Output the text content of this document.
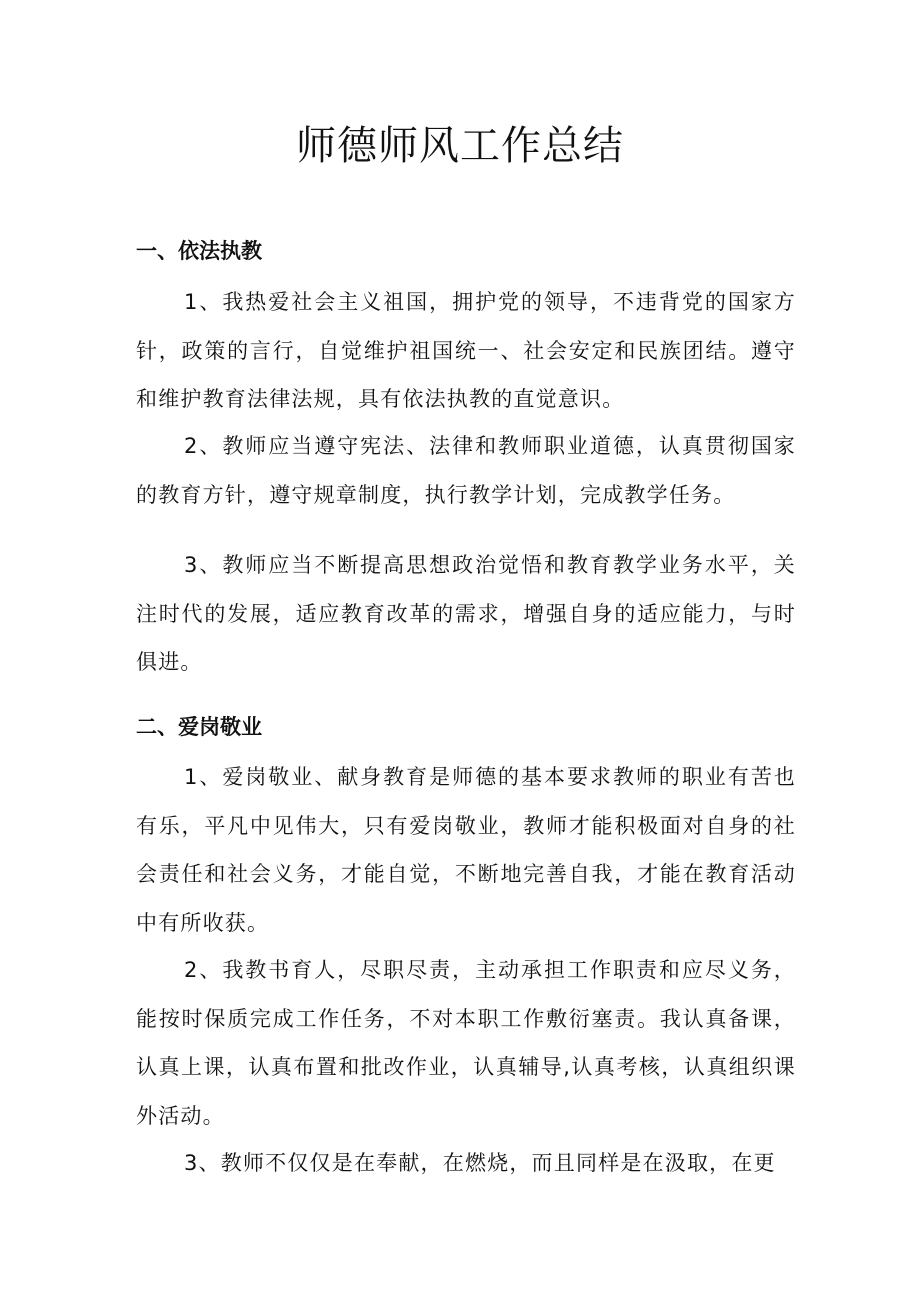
师德师风工作总结
一、依法执教

1、我热爱社会主义祖国，拥护党的领导，不违背党的国家方针，政策的言行，自觉维护祖国统一、社会安定和民族团结。遵守和维护教育法律法规，具有依法执教的直觉意识。

2、教师应当遵守宪法、法律和教师职业道德，认真贯彻国家的教育方针，遵守规章制度，执行教学计划，完成教学任务。

3、教师应当不断提高思想政治觉悟和教育教学业务水平，关注时代的发展，适应教育改革的需求，增强自身的适应能力，与时俱进。

二、爱岗敬业

1、爱岗敬业、献身教育是师德的基本要求教师的职业有苦也有乐，平凡中见伟大，只有爱岗敬业，教师才能积极面对自身的社会责任和社会义务，才能自觉，不断地完善自我，才能在教育活动中有所收获。

2、我教书育人，尽职尽责，主动承担工作职责和应尽义务，能按时保质完成工作任务，不对本职工作敷衍塞责。我认真备课，认真上课，认真布置和批改作业，认真辅导,认真考核，认真组织课外活动。

3、教师不仅仅是在奉献，在燃烧，而且同样是在汲取，在更
